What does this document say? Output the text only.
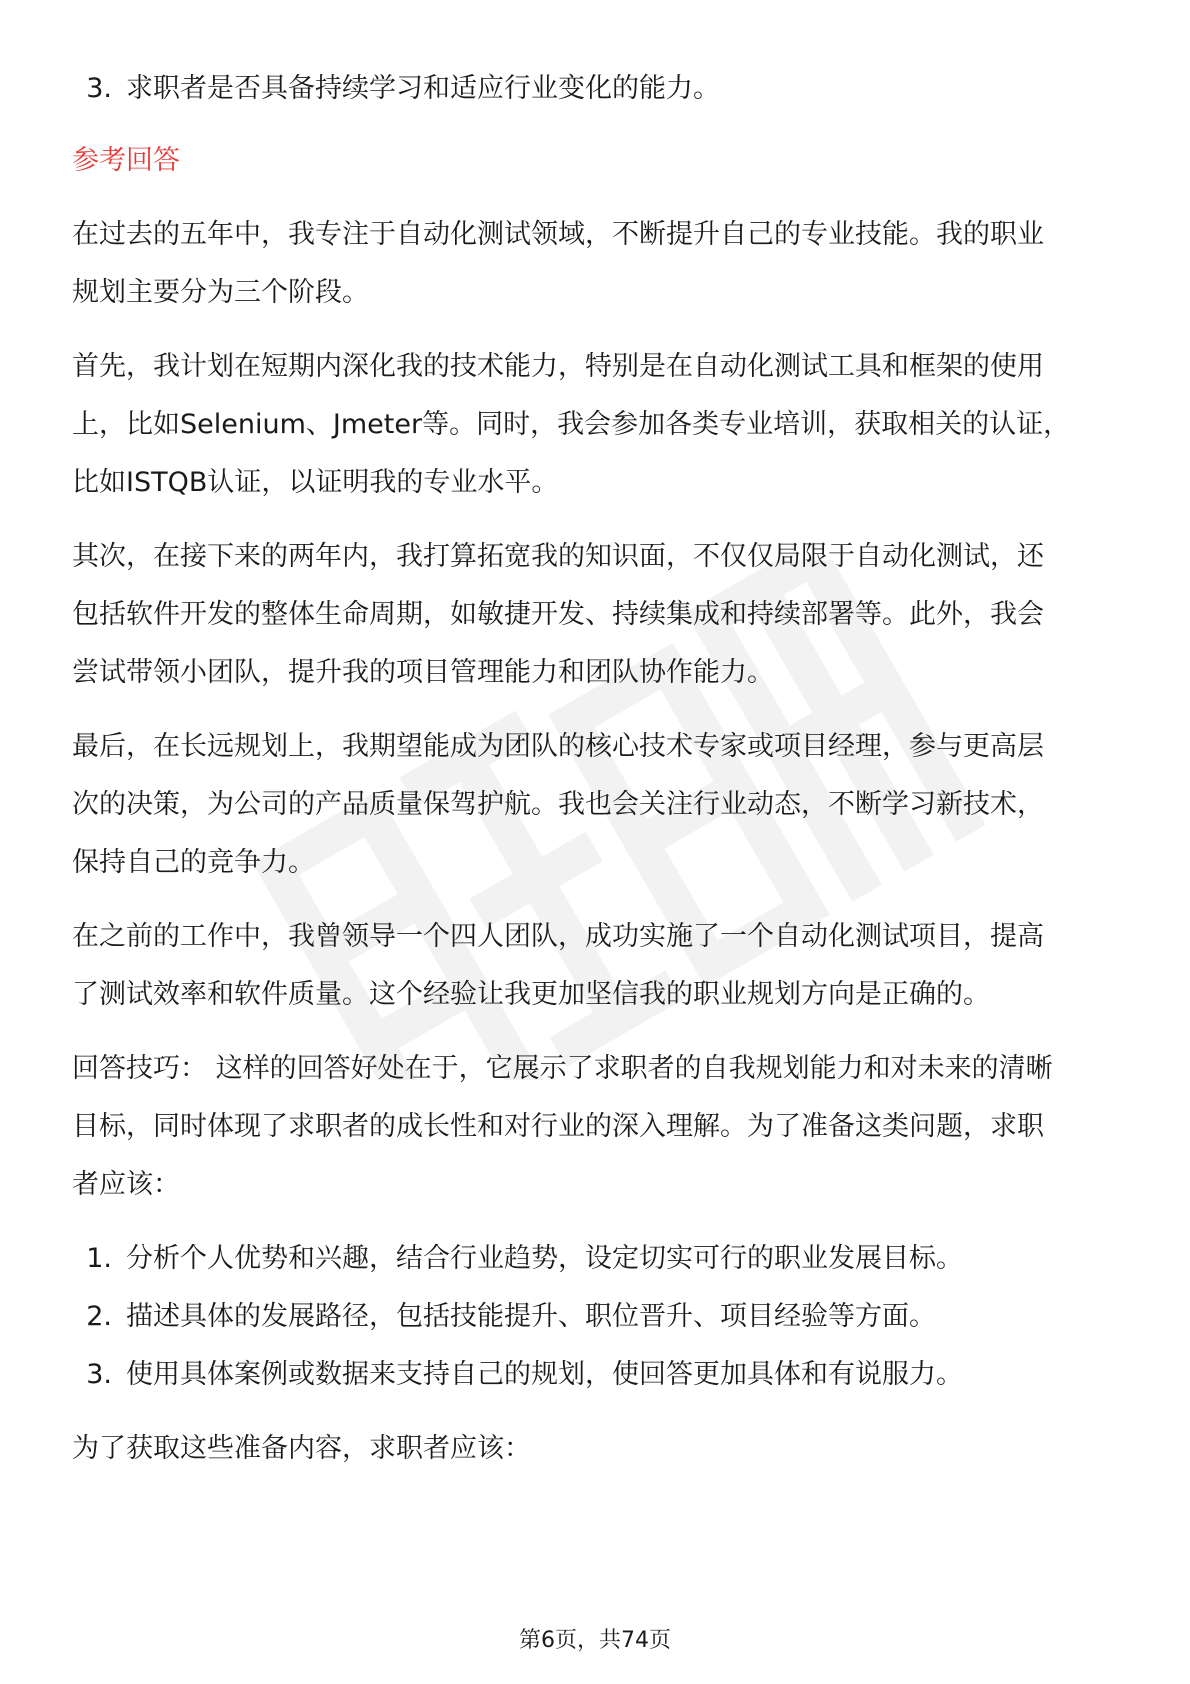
3. 求职者是否具备持续学习和适应行业变化的能力。
参考回答

在过去的五年中，我专注于自动化测试领域，不断提升自己的专业技能。我的职业

规划主要分为三个阶段。

首先，我计划在短期内深化我的技术能力，特别是在自动化测试工具和框架的使用

上，比如Selenium、Jmeter等。同时，我会参加各类专业培训，获取相关的认证，

比如ISTQB认证，以证明我的专业水平。

其次，在接下来的两年内，我打算拓宽我的知识面，不仅仅局限于自动化测试，还

包括软件开发的整体生命周期，如敏捷开发、持续集成和持续部署等。此外，我会

尝试带领小团队，提升我的项目管理能力和团队协作能力。

最后，在长远规划上，我期望能成为团队的核心技术专家或项目经理，参与更高层

次的决策，为公司的产品质量保驾护航。我也会关注行业动态，不断学习新技术，

保持自己的竞争力。

在之前的工作中，我曾领导一个四人团队，成功实施了一个自动化测试项目，提高

了测试效率和软件质量。这个经验让我更加坚信我的职业规划方向是正确的。

回答技巧： 这样的回答好处在于，它展示了求职者的自我规划能力和对未来的清晰

目标，同时体现了求职者的成长性和对行业的深入理解。为了准备这类问题，求职

者应该：

1. 分析个人优势和兴趣，结合行业趋势，设定切实可行的职业发展目标。
2. 描述具体的发展路径，包括技能提升、职位晋升、项目经验等方面。
3. 使用具体案例或数据来支持自己的规划，使回答更加具体和有说服力。

为了获取这些准备内容，求职者应该：

第6页，共74页
